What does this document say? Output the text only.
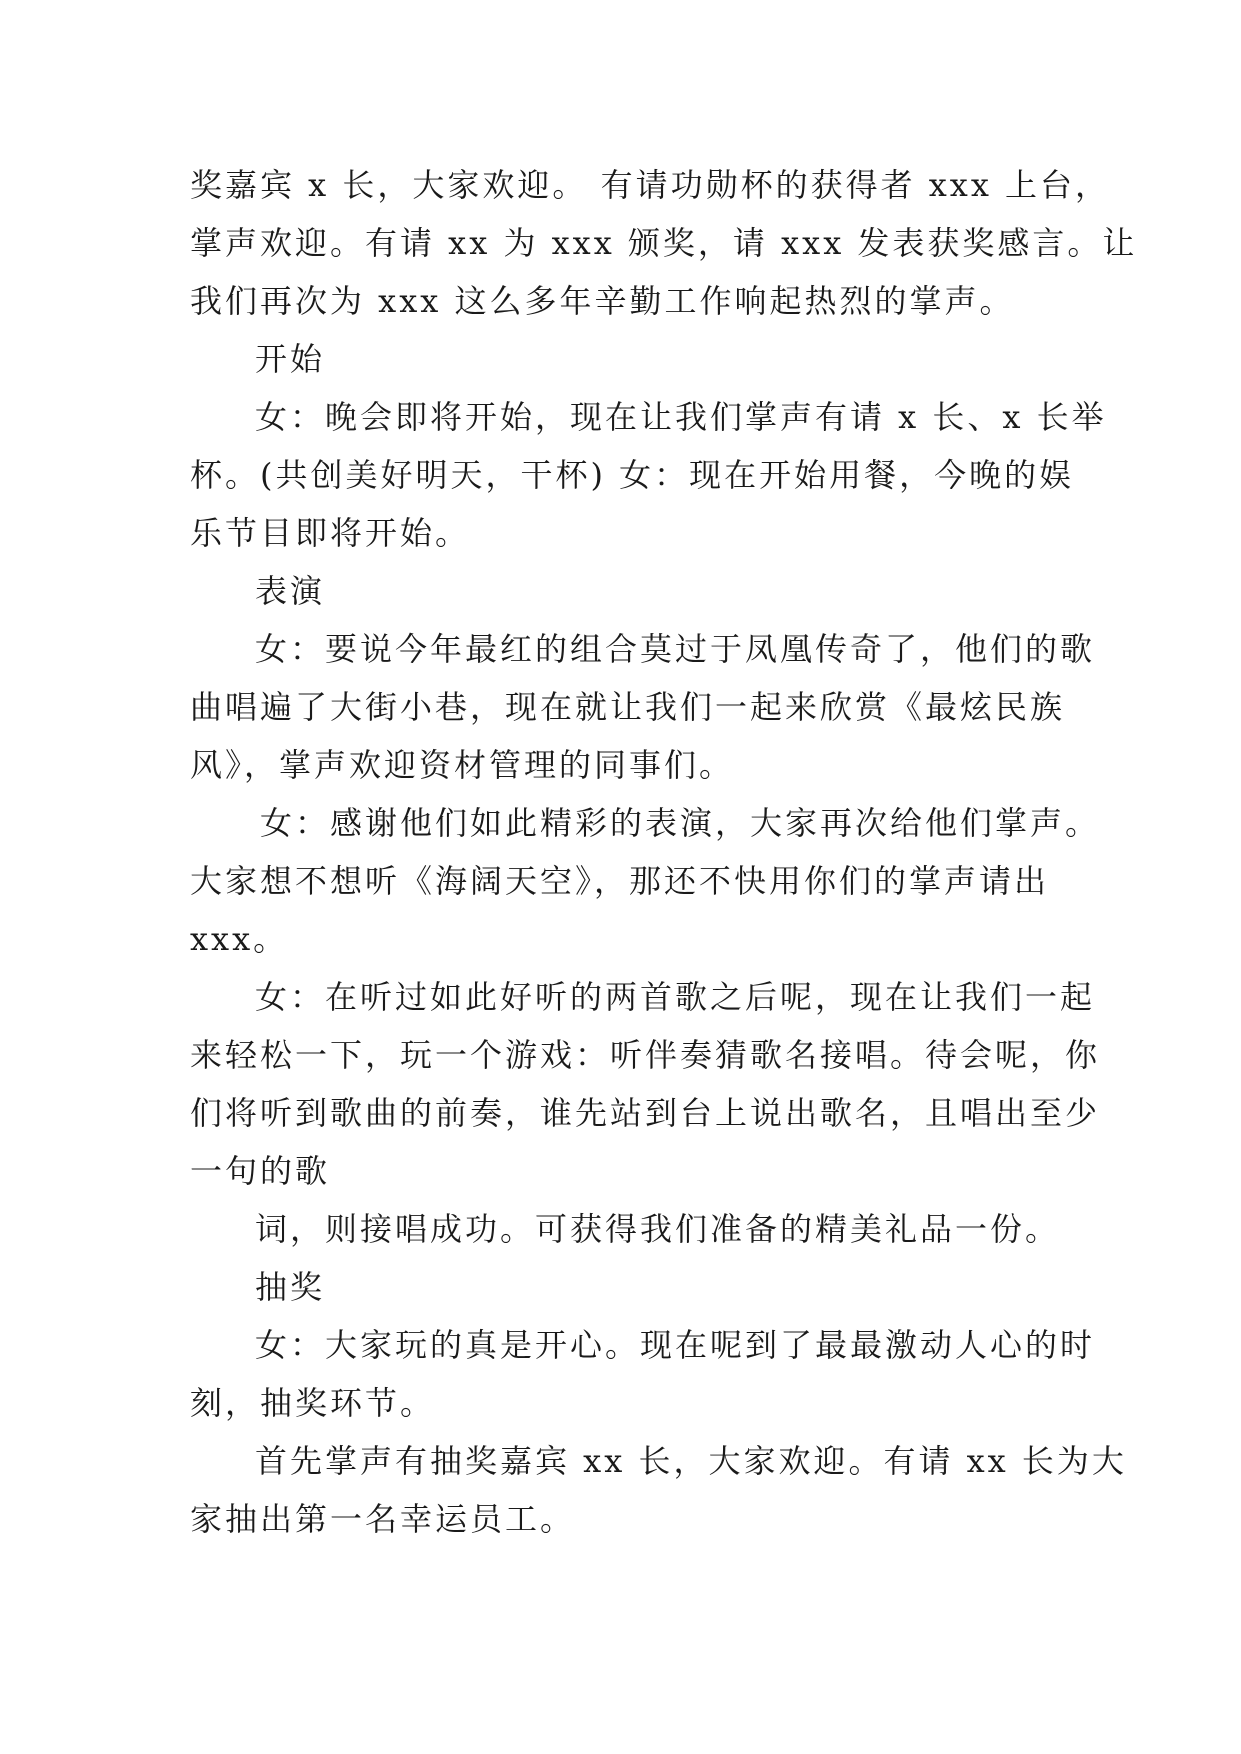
奖嘉宾 x 长，大家欢迎。 有请功勋杯的获得者 xxx 上台，
掌声欢迎。有请 xx 为 xxx 颁奖，请 xxx 发表获奖感言。让
我们再次为 xxx 这么多年辛勤工作响起热烈的掌声。
开始
女：晚会即将开始，现在让我们掌声有请 x 长、x 长举
杯。(共创美好明天，干杯) 女：现在开始用餐，今晚的娱
乐节目即将开始。
表演
女：要说今年最红的组合莫过于凤凰传奇了，他们的歌
曲唱遍了大街小巷，现在就让我们一起来欣赏《最炫民族
风》，掌声欢迎资材管理的同事们。
女：感谢他们如此精彩的表演，大家再次给他们掌声。
大家想不想听《海阔天空》，那还不快用你们的掌声请出
xxx。
女：在听过如此好听的两首歌之后呢，现在让我们一起
来轻松一下，玩一个游戏：听伴奏猜歌名接唱。待会呢，你
们将听到歌曲的前奏，谁先站到台上说出歌名，且唱出至少
一句的歌
词，则接唱成功。可获得我们准备的精美礼品一份。
抽奖
女：大家玩的真是开心。现在呢到了最最激动人心的时
刻，抽奖环节。
首先掌声有抽奖嘉宾 xx 长，大家欢迎。有请 xx 长为大
家抽出第一名幸运员工。
